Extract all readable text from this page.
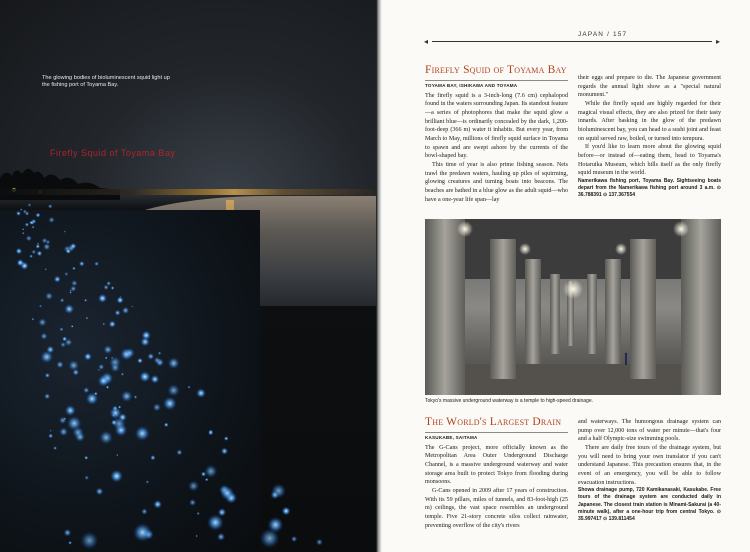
The glowing bodies of bioluminescent squid light up the fishing port of Toyama Bay.
Firefly Squid of Toyama Bay
◂	▸
JAPAN / 157
Firefly Squid of Toyama Bay
TOYAMA BAY, ISHIKAWA AND TOYAMA

The firefly squid is a 3-inch-long (7.6 cm) cephalopod found in the waters surrounding Japan. Its standout feature—a series of photophores that make the squid glow a brilliant blue—is ordinarily concealed by the dark, 1,200-foot-deep (366 m) water it inhabits. But every year, from March to May, millions of firefly squid surface in Toyama to spawn and are swept ashore by the currents of the bowl-shaped bay.

This time of year is also prime fishing season. Nets trawl the predawn waters, hauling up piles of squirming, glowing creatures and turning boats into beacons. The beaches are bathed in a blue glow as the adult squid—who have a one-year life span—lay

their eggs and prepare to die. The Japanese government regards the annual light show as a "special natural monument."

While the firefly squid are highly regarded for their magical visual effects, they are also prized for their tasty innards. After basking in the glow of the predawn bioluminescent bay, you can head to a sushi joint and feast on squid served raw, boiled, or turned into tempura.

If you'd like to learn more about the glowing squid before—or instead of—eating them, head to Toyama's Hotaruika Museum, which bills itself as the only firefly squid museum in the world.

Namerikawa fishing port, Toyama Bay. Sightseeing boats depart from the Namerikawa fishing port around 3 a.m. ⊙ 36.788391 ⊙ 137.367554
Tokyo's massive underground waterway is a temple to high-speed drainage.
The World's Largest Drain
KASUKABE, SAITAMA

The G-Cans project, more officially known as the Metropolitan Area Outer Underground Discharge Channel, is a massive underground waterway and water storage area built to protect Tokyo from flooding during monsoons.

G-Cans opened in 2009 after 17 years of construction. With its 59 pillars, miles of tunnels, and 83-foot-high (25 m) ceilings, the vast space resembles an underground temple. Five 21-story concrete silos collect rainwater, preventing overflow of the city's rivers

and waterways. The humongous drainage system can pump over 12,000 tons of water per minute—that's four and a half Olympic-size swimming pools.

There are daily free tours of the drainage system, but you will need to bring your own translator if you can't understand Japanese. This precaution ensures that, in the event of an emergency, you will be able to follow evacuation instructions.

Showa drainage pump, 720 Kamikanasaki, Kasukabe. Free tours of the drainage system are conducted daily in Japanese. The closest train station is Minami-Sakurai (a 40-minute walk), after a one-hour trip from central Tokyo. ⊙ 35.997417 ⊙ 139.811454
